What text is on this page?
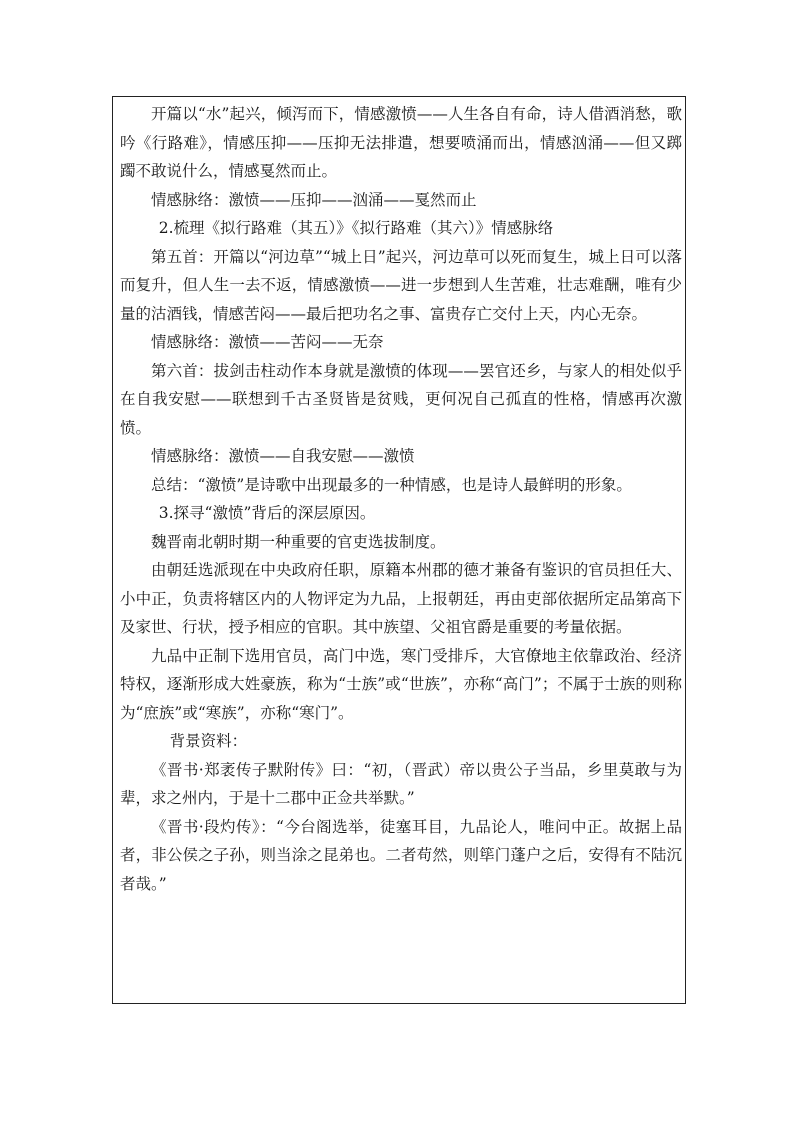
开篇以“水”起兴，倾泻而下，情感激愤——人生各自有命，诗人借酒消愁，歌吟《行路难》，情感压抑——压抑无法排遣，想要喷涌而出，情感汹涌——但又踯躅不敢说什么，情感戛然而止。

情感脉络：激愤——压抑——汹涌——戛然而止

2.梳理《拟行路难（其五）》《拟行路难（其六）》情感脉络

第五首：开篇以“河边草”“城上日”起兴，河边草可以死而复生，城上日可以落而复升，但人生一去不返，情感激愤——进一步想到人生苦难，壮志难酬，唯有少量的沽酒钱，情感苦闷——最后把功名之事、富贵存亡交付上天，内心无奈。

情感脉络：激愤——苦闷——无奈

第六首：拔剑击柱动作本身就是激愤的体现——罢官还乡，与家人的相处似乎在自我安慰——联想到千古圣贤皆是贫贱，更何况自己孤直的性格，情感再次激愤。

情感脉络：激愤——自我安慰——激愤

总结：“激愤”是诗歌中出现最多的一种情感，也是诗人最鲜明的形象。

3.探寻“激愤”背后的深层原因。

魏晋南北朝时期一种重要的官吏选拔制度。

由朝廷选派现在中央政府任职，原籍本州郡的德才兼备有鉴识的官员担任大、小中正，负责将辖区内的人物评定为九品，上报朝廷，再由吏部依据所定品第高下及家世、行状，授予相应的官职。其中族望、父祖官爵是重要的考量依据。

九品中正制下选用官员，高门中选，寒门受排斥，大官僚地主依靠政治、经济特权，逐渐形成大姓豪族，称为“士族”或“世族”，亦称“高门”；不属于士族的则称为“庶族”或“寒族”，亦称“寒门”。

背景资料：

《晋书·郑袤传子默附传》曰：“初，（晋武）帝以贵公子当品，乡里莫敢与为辈，求之州内，于是十二郡中正佥共举默。”

《晋书·段灼传》：“今台阁选举，徒塞耳目，九品论人，唯问中正。故据上品者，非公侯之子孙，则当涂之昆弟也。二者苟然，则筚门蓬户之后，安得有不陆沉者哉。”
